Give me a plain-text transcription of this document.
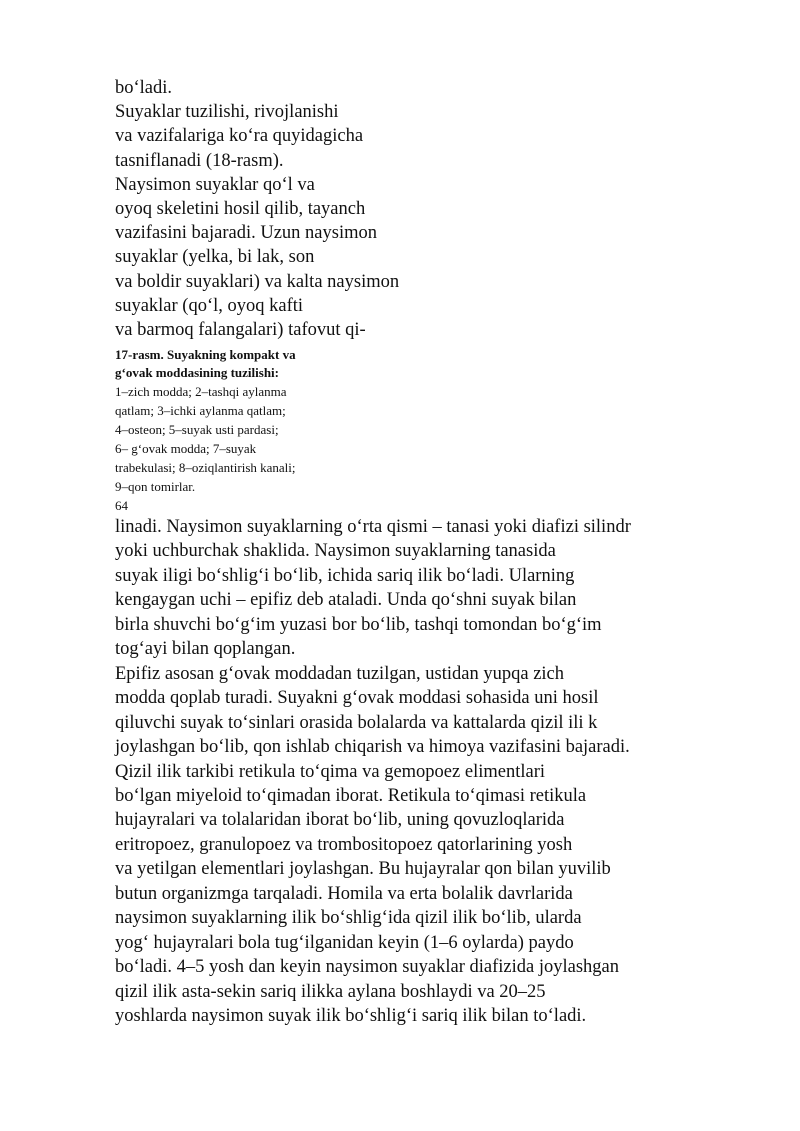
bo‘ladi.
Suyaklar tuzilishi, rivojlanishi
va vazifalariga ko‘ra quyidagicha
tasniflanadi (18-rasm).
Naysimon suyaklar qo‘l va
oyoq skeletini hosil qilib, tayanch
vazifasini bajaradi. Uzun naysimon
suyaklar (yelka, bi lak, son
va boldir suyaklari) va kalta naysimon
suyaklar (qo‘l, oyoq kafti
va barmoq falangalari) tafovut qi-
17-rasm. Suyakning kompakt va
g‘ovak moddasining tuzilishi:
1–zich modda; 2–tashqi aylanma
qatlam; 3–ichki aylanma qatlam;
4–osteon; 5–suyak usti pardasi;
6– g‘ovak modda; 7–suyak
trabekulasi; 8–oziqlantirish kanali;
9–qon tomirlar.
64
linadi. Naysimon suyaklarning o‘rta qismi – tanasi yoki diafizi silindr
yoki uchburchak shaklida. Naysimon suyaklarning tanasida
suyak iligi bo‘shlig‘i bo‘lib, ichida sariq ilik bo‘ladi. Ularning
kengaygan uchi – epifiz deb ataladi. Unda qo‘shni suyak bilan
birla shuvchi bo‘g‘im yuzasi bor bo‘lib, tashqi tomondan bo‘g‘im
tog‘ayi bilan qoplangan.
Epifiz asosan g‘ovak moddadan tuzilgan, ustidan yupqa zich
modda qoplab turadi. Suyakni g‘ovak moddasi sohasida uni hosil
qiluvchi suyak to‘sinlari orasida bolalarda va kattalarda qizil ili k
joylashgan bo‘lib, qon ishlab chiqarish va himoya vazifasini bajaradi.
Qizil ilik tarkibi retikula to‘qima va gemopoez elimentlari
bo‘lgan miyeloid to‘qimadan iborat. Retikula to‘qimasi retikula
hujayralari va tolalaridan iborat bo‘lib, uning qovuzloqlarida
eritropoez, granulopoez va trombositopoez qatorlarining yosh
va yetilgan elementlari joylashgan. Bu hujayralar qon bilan yuvilib
butun organizmga tarqaladi. Homila va erta bolalik davrlarida
naysimon suyaklarning ilik bo‘shlig‘ida qizil ilik bo‘lib, ularda
yog‘ hujayralari bola tug‘ilganidan keyin (1–6 oylarda) paydo
bo‘ladi. 4–5 yosh dan keyin naysimon suyaklar diafizida joylashgan
qizil ilik asta-sekin sariq ilikka aylana boshlaydi va 20–25
yoshlarda naysimon suyak ilik bo‘shlig‘i sariq ilik bilan to‘ladi.
